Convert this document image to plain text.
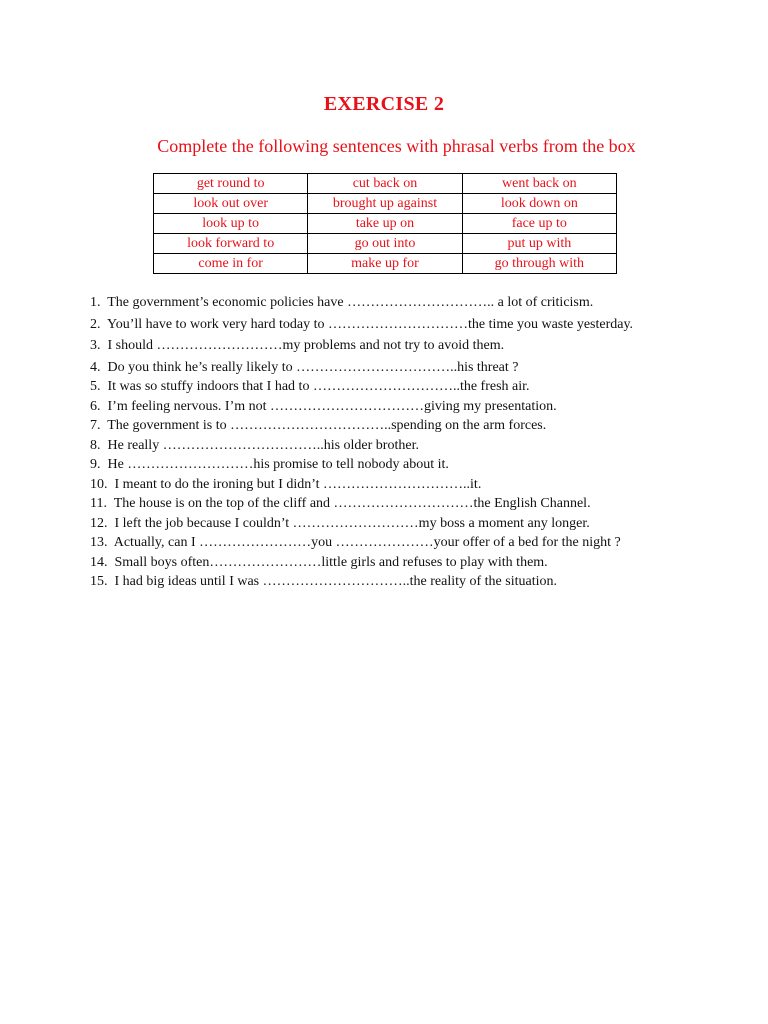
EXERCISE 2
Complete the following sentences with phrasal verbs from the box
get round to	cut back on	went back on
look out over	brought up against	look down on
look up to	take up on	face up to
look forward to	go out into	put up with
come in for	make up for	go through with

1.  The government’s economic policies have ………………………….. a lot of criticism.

2.  You’ll have to work very hard today to …………………………the time you waste yesterday.

3.  I should ………………………my problems and not try to avoid them.

4.  Do you think he’s really likely to ……………………………..his threat ?

5.  It was so stuffy indoors that I had to …………………………..the fresh air.

6.  I’m feeling nervous. I’m not ……………………………giving my presentation.

7.  The government is to ……………………………..spending on the arm forces.

8.  He really ……………………………..his older brother.

9.  He ………………………his promise to tell nobody about it.

10.  I meant to do the ironing but I didn’t …………………………..it.

11.  The house is on the top of the cliff and …………………………the English Channel.

12.  I left the job because I couldn’t ………………………my boss a moment any longer.

13.  Actually, can I ……………………you …………………your offer of a bed for the night ?

14.  Small boys often……………………little girls and refuses to play with them.

15.  I had big ideas until I was …………………………..the reality of the situation.
